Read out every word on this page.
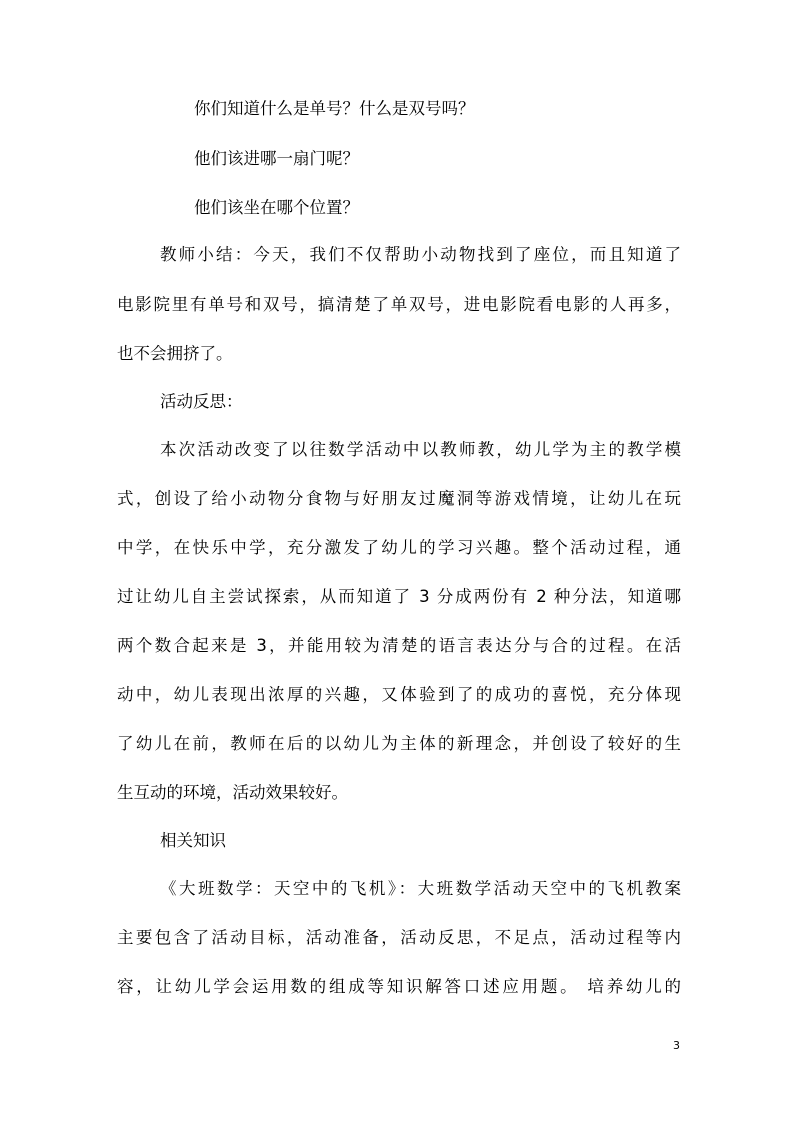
你们知道什么是单号？什么是双号吗？
他们该进哪一扇门呢？
他们该坐在哪个位置？
教师小结：今天，我们不仅帮助小动物找到了座位，而且知道了
电影院里有单号和双号，搞清楚了单双号，进电影院看电影的人再多，
也不会拥挤了。
活动反思：
本次活动改变了以往数学活动中以教师教，幼儿学为主的教学模
式，创设了给小动物分食物与好朋友过魔洞等游戏情境，让幼儿在玩
中学，在快乐中学，充分激发了幼儿的学习兴趣。整个活动过程，通
过让幼儿自主尝试探索，从而知道了 3 分成两份有 2 种分法，知道哪
两个数合起来是 3，并能用较为清楚的语言表达分与合的过程。在活
动中，幼儿表现出浓厚的兴趣，又体验到了的成功的喜悦，充分体现
了幼儿在前，教师在后的以幼儿为主体的新理念，并创设了较好的生
生互动的环境，活动效果较好。
相关知识
《大班数学：天空中的飞机》：大班数学活动天空中的飞机教案
主要包含了活动目标，活动准备，活动反思，不足点，活动过程等内
容，让幼儿学会运用数的组成等知识解答口述应用题。 培养幼儿的
3
